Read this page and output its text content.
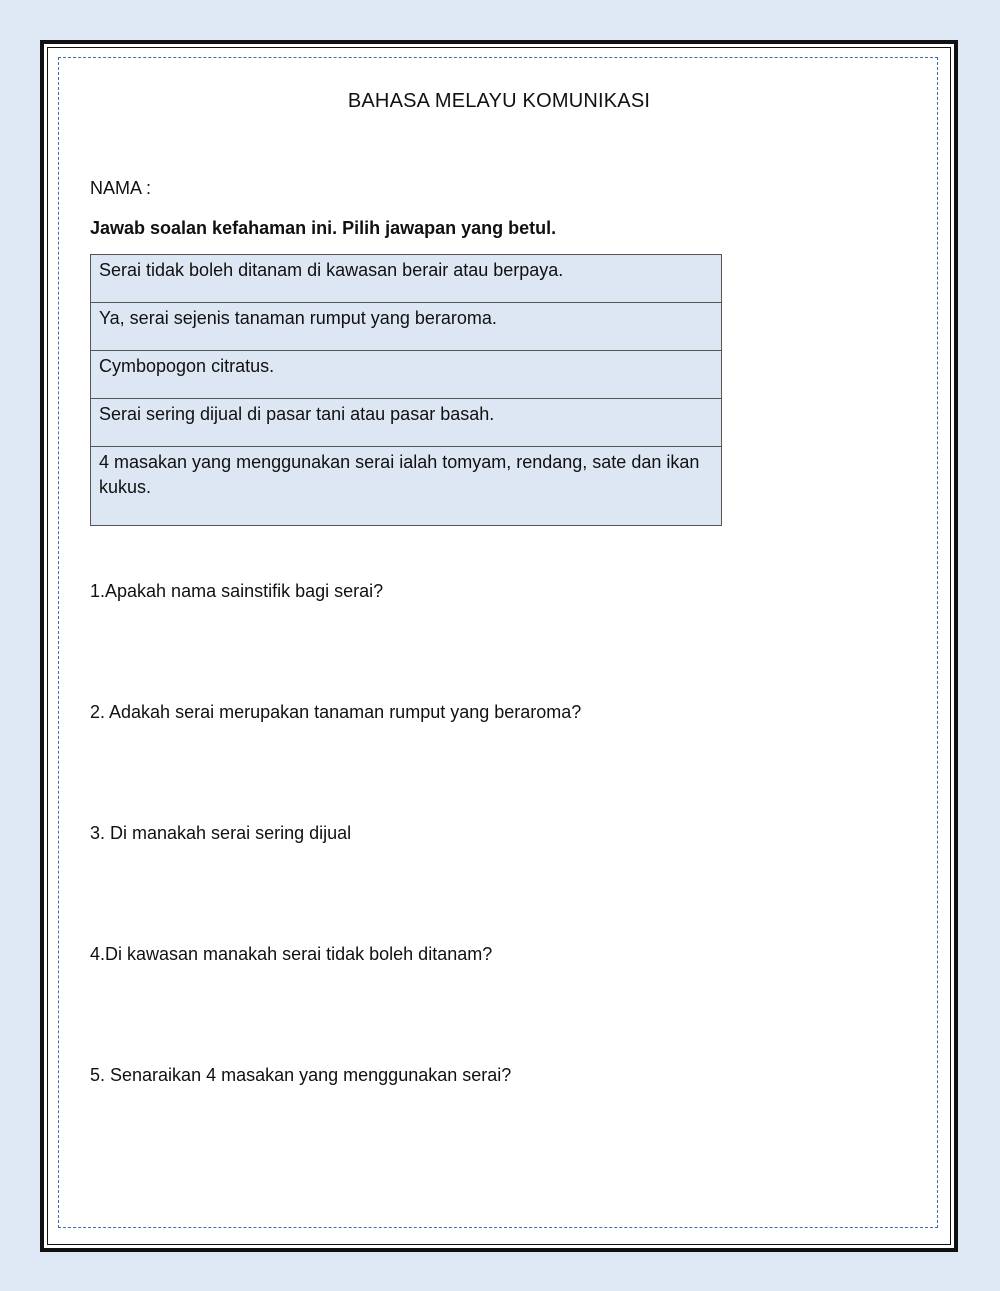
BAHASA MELAYU KOMUNIKASI
NAMA :
Jawab soalan kefahaman ini. Pilih jawapan yang betul.
Serai tidak boleh ditanam di kawasan berair atau berpaya.
Ya, serai sejenis tanaman rumput yang beraroma.
Cymbopogon citratus.
Serai sering dijual di pasar tani atau pasar basah.
4 masakan yang menggunakan serai ialah tomyam, rendang, sate dan ikan kukus.
1.Apakah nama sainstifik bagi serai?
2. Adakah serai merupakan tanaman rumput yang beraroma?
3. Di manakah serai sering dijual
4.Di kawasan manakah serai tidak boleh ditanam?
5. Senaraikan 4 masakan yang menggunakan serai?
